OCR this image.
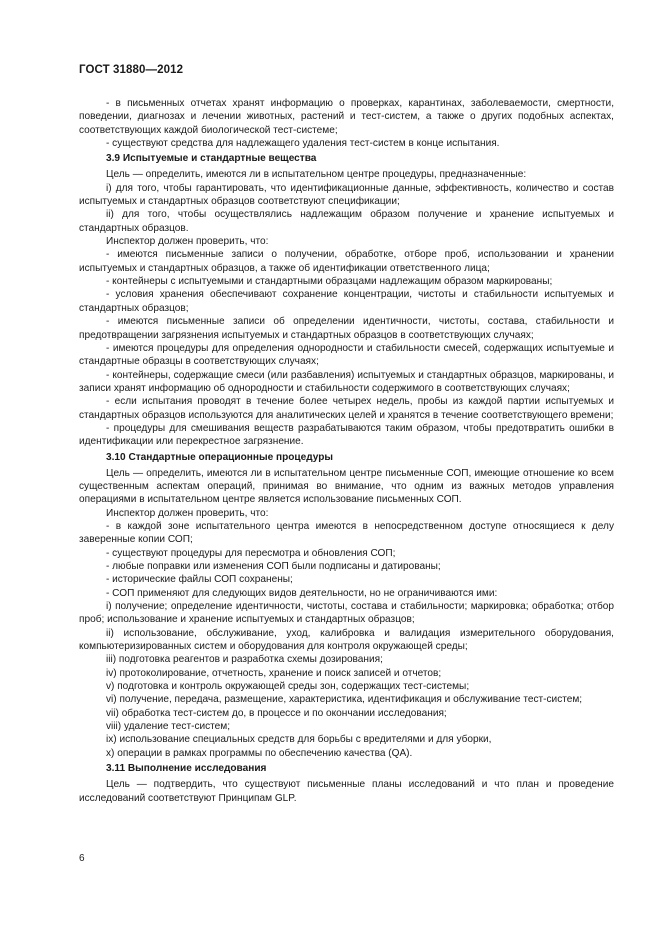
ГОСТ 31880—2012

- в письменных отчетах хранят информацию о проверках, карантинах, заболеваемости, смертности, поведении, диагнозах и лечении животных, растений и тест-систем, а также о других подобных аспектах, соответствующих каждой биологической тест-системе;

- существуют средства для надлежащего удаления тест-систем в конце испытания.

3.9 Испытуемые и стандартные вещества

Цель — определить, имеются ли в испытательном центре процедуры, предназначенные:

i) для того, чтобы гарантировать, что идентификационные данные, эффективность, количество и состав испытуемых и стандартных образцов соответствуют спецификации;

ii) для того, чтобы осуществлялись надлежащим образом получение и хранение испытуемых и стандартных образцов.

Инспектор должен проверить, что:

- имеются письменные записи о получении, обработке, отборе проб, использовании и хранении испытуемых и стандартных образцов, а также об идентификации ответственного лица;

- контейнеры с испытуемыми и стандартными образцами надлежащим образом маркированы;

- условия хранения обеспечивают сохранение концентрации, чистоты и стабильности испытуемых и стандартных образцов;

- имеются письменные записи об определении идентичности, чистоты, состава, стабильности и предотвращении загрязнения испытуемых и стандартных образцов в соответствующих случаях;

- имеются процедуры для определения однородности и стабильности смесей, содержащих испытуемые и стандартные образцы в соответствующих случаях;

- контейнеры, содержащие смеси (или разбавления) испытуемых и стандартных образцов, маркированы, и записи хранят информацию об однородности и стабильности содержимого в соответствующих случаях;

- если испытания проводят в течение более четырех недель, пробы из каждой партии испытуемых и стандартных образцов используются для аналитических целей и хранятся в течение соответствующего времени;

- процедуры для смешивания веществ разрабатываются таким образом, чтобы предотвратить ошибки в идентификации или перекрестное загрязнение.

3.10 Стандартные операционные процедуры

Цель — определить, имеются ли в испытательном центре письменные СОП, имеющие отношение ко всем существенным аспектам операций, принимая во внимание, что одним из важных методов управления операциями в испытательном центре является использование письменных СОП.

Инспектор должен проверить, что:

- в каждой зоне испытательного центра имеются в непосредственном доступе относящиеся к делу заверенные копии СОП;

- существуют процедуры для пересмотра и обновления СОП;

- любые поправки или изменения СОП были подписаны и датированы;

- исторические файлы СОП сохранены;

- СОП применяют для следующих видов деятельности, но не ограничиваются ими:

i) получение; определение идентичности, чистоты, состава и стабильности; маркировка; обработка; отбор проб; использование и хранение испытуемых и стандартных образцов;

ii) использование, обслуживание, уход, калибровка и валидация измерительного оборудования, компьютеризированных систем и оборудования для контроля окружающей среды;

iii) подготовка реагентов и разработка схемы дозирования;

iv) протоколирование, отчетность, хранение и поиск записей и отчетов;

v) подготовка и контроль окружающей среды зон, содержащих тест-системы;

vi) получение, передача, размещение, характеристика, идентификация и обслуживание тест-систем;

vii) обработка тест-систем до, в процессе и по окончании исследования;

viii) удаление тест-систем;

ix) использование специальных средств для борьбы с вредителями и для уборки,

x) операции в рамках программы по обеспечению качества (QA).

3.11 Выполнение исследования

Цель — подтвердить, что существуют письменные планы исследований и что план и проведение исследований соответствуют Принципам GLP.

6
